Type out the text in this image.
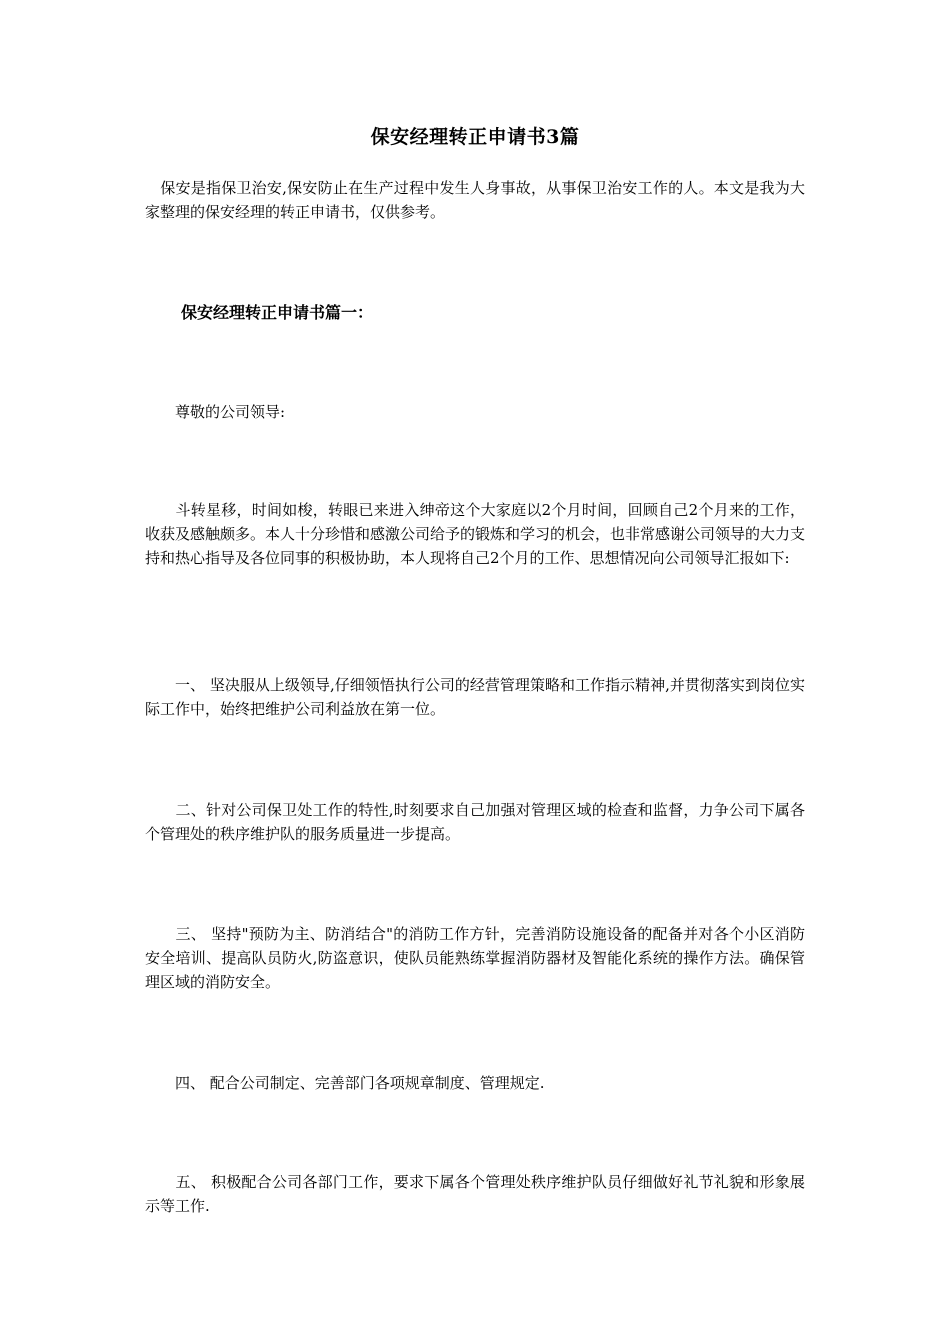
保安经理转正申请书3篇
　保安是指保卫治安,保安防止在生产过程中发生人身事故，从事保卫治安工作的人。本文是我为大家整理的保安经理的转正申请书，仅供参考。
保安经理转正申请书篇一：
　　尊敬的公司领导:
　　斗转星移，时间如梭，转眼已来进入绅帝这个大家庭以2个月时间，回顾自己2个月来的工作，收获及感触颇多。本人十分珍惜和感激公司给予的锻炼和学习的机会，也非常感谢公司领导的大力支持和热心指导及各位同事的积极协助，本人现将自己2个月的工作、思想情况向公司领导汇报如下:
　　一、 坚决服从上级领导,仔细领悟执行公司的经营管理策略和工作指示精神,并贯彻落实到岗位实际工作中，始终把维护公司利益放在第一位。
　　二、针对公司保卫处工作的特性,时刻要求自己加强对管理区域的检查和监督，力争公司下属各个管理处的秩序维护队的服务质量进一步提高。
　　三、 坚持"预防为主、防消结合"的消防工作方针，完善消防设施设备的配备并对各个小区消防安全培训、提高队员防火,防盗意识，使队员能熟练掌握消防器材及智能化系统的操作方法。确保管理区域的消防安全。
　　四、 配合公司制定、完善部门各项规章制度、管理规定.
　　五、 积极配合公司各部门工作，要求下属各个管理处秩序维护队员仔细做好礼节礼貌和形象展示等工作.
